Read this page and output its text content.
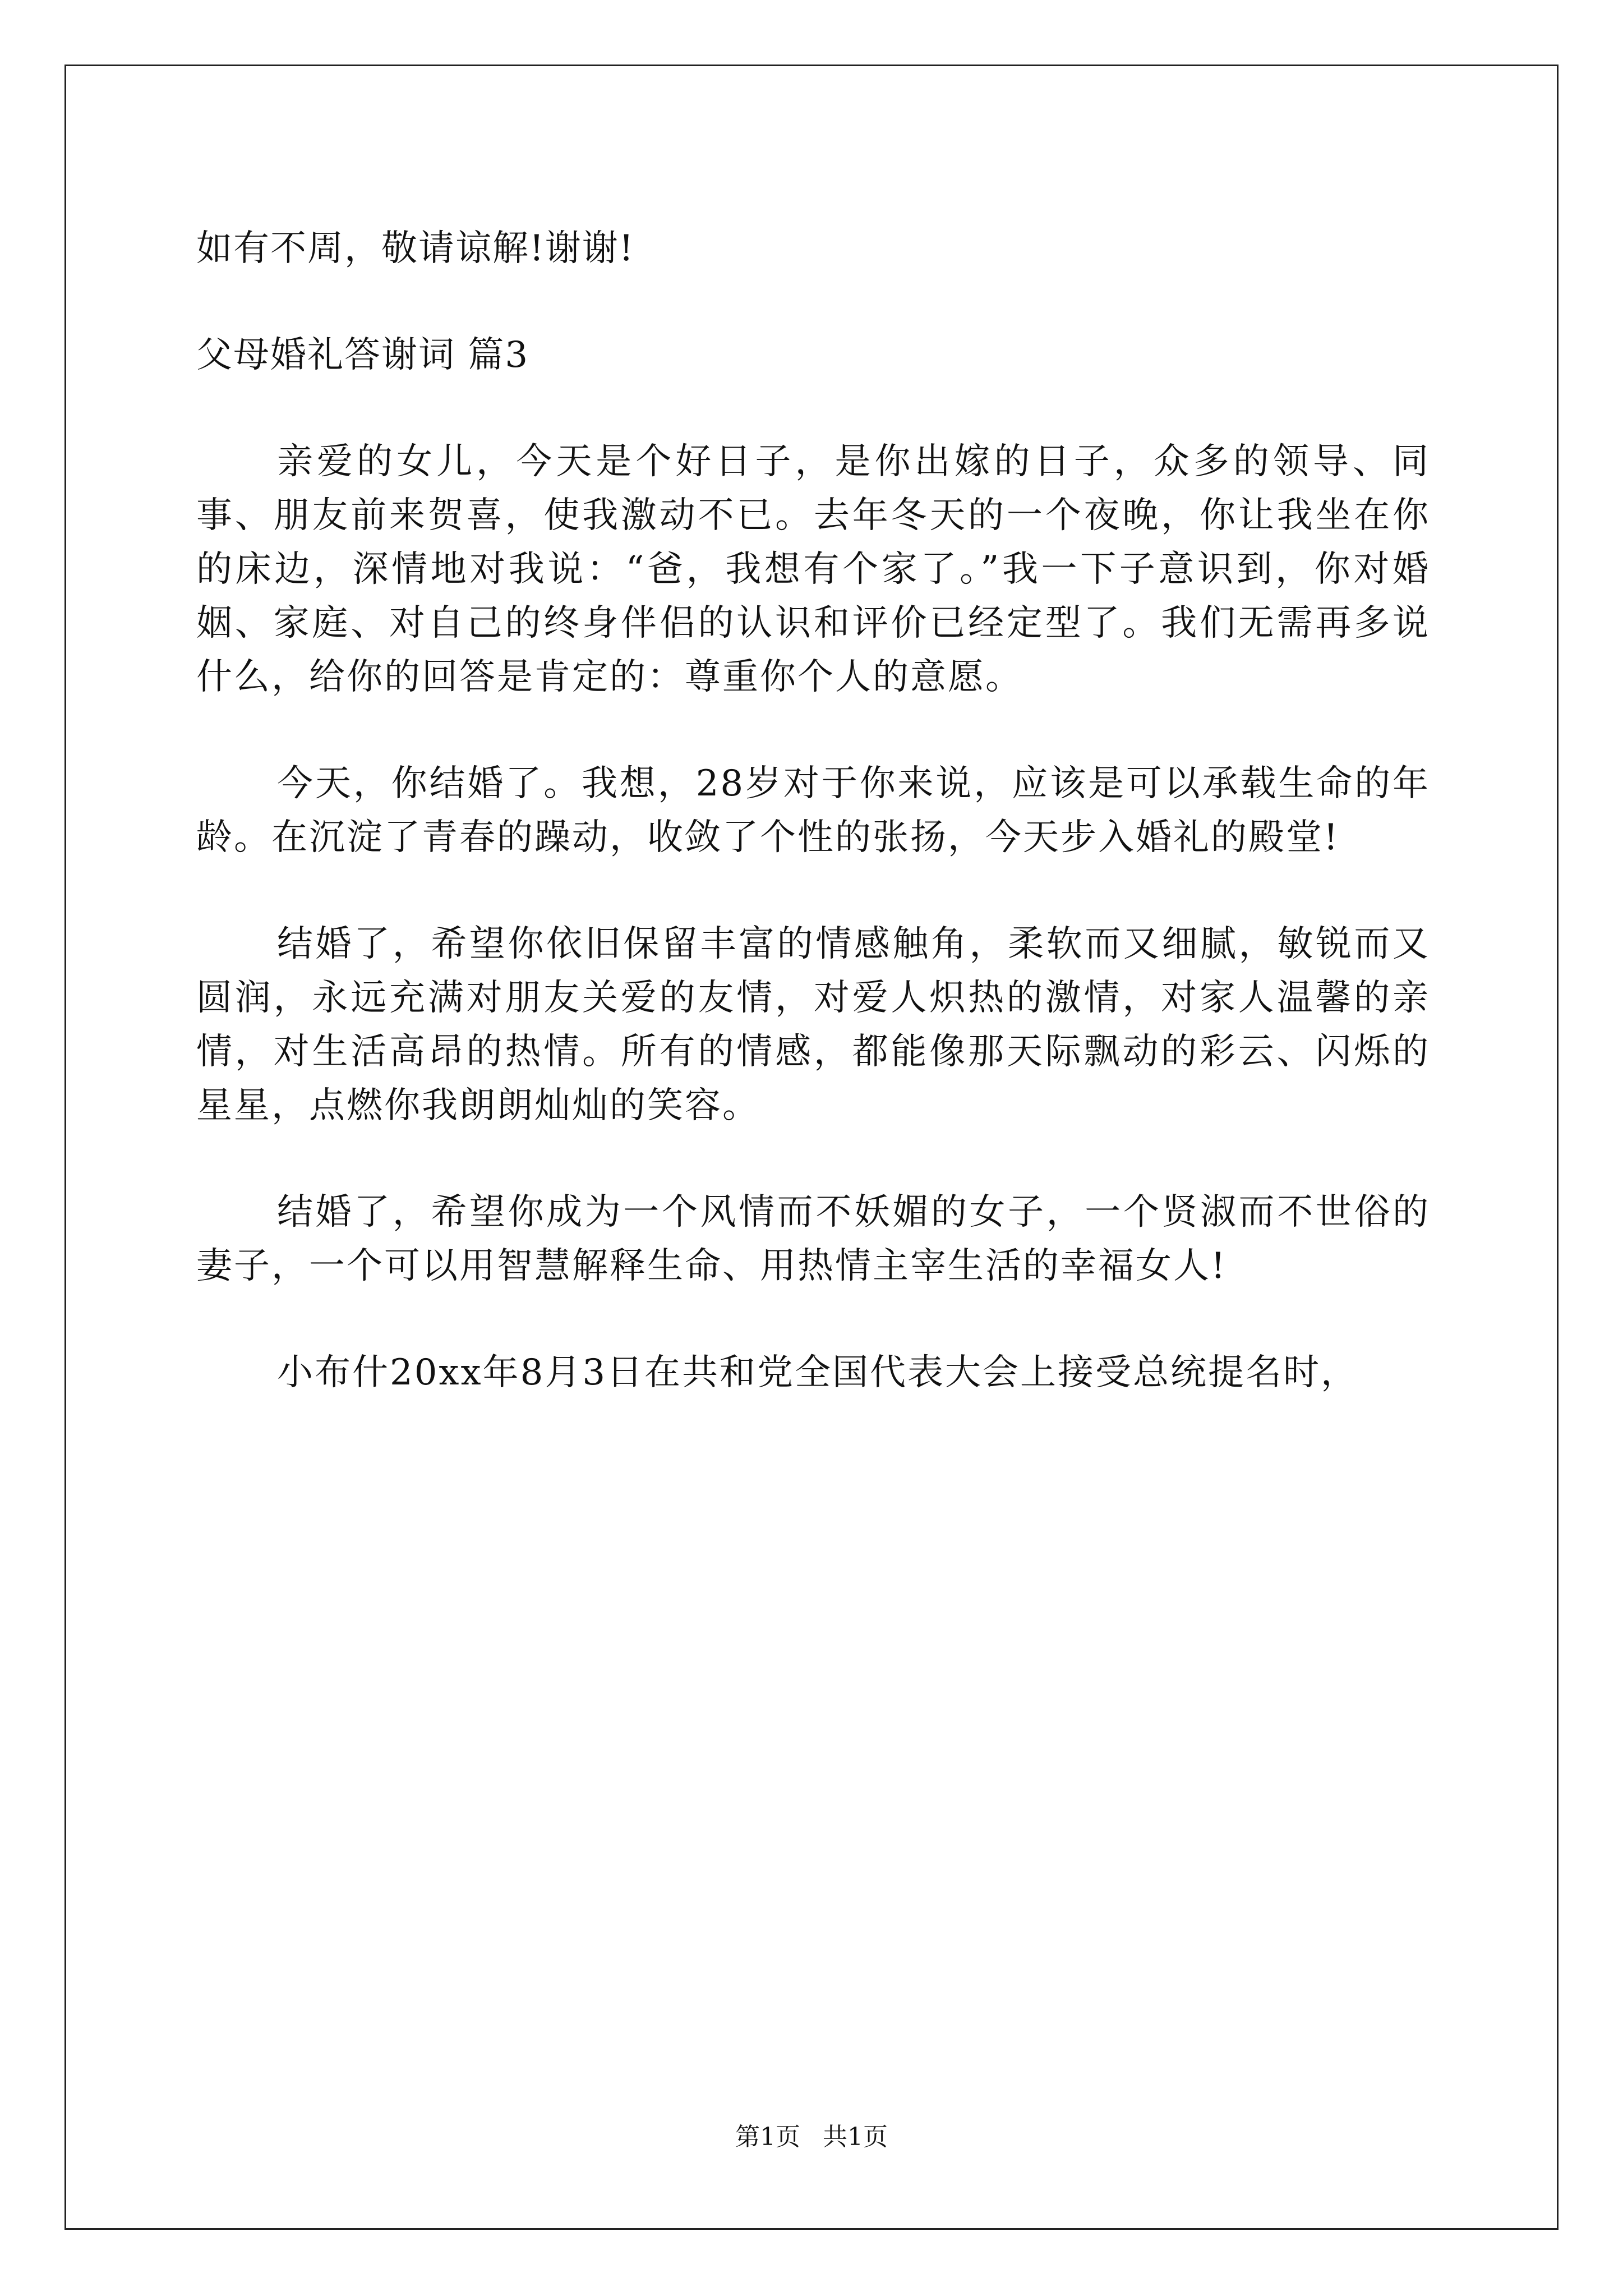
如有不周，敬请谅解!谢谢!
父母婚礼答谢词 篇3

亲爱的女儿，今天是个好日子，是你出嫁的日子，众多的领导、同事、朋友前来贺喜，使我激动不已。去年冬天的一个夜晚，你让我坐在你的床边，深情地对我说：“爸，我想有个家了。”我一下子意识到，你对婚姻、家庭、对自己的终身伴侣的认识和评价已经定型了。我们无需再多说什么，给你的回答是肯定的：尊重你个人的意愿。

今天，你结婚了。我想，28岁对于你来说，应该是可以承载生命的年龄。在沉淀了青春的躁动，收敛了个性的张扬，今天步入婚礼的殿堂!

结婚了，希望你依旧保留丰富的情感触角，柔软而又细腻，敏锐而又圆润，永远充满对朋友关爱的友情，对爱人炽热的激情，对家人温馨的亲情，对生活高昂的热情。所有的情感，都能像那天际飘动的彩云、闪烁的星星，点燃你我朗朗灿灿的笑容。

结婚了，希望你成为一个风情而不妖媚的女子，一个贤淑而不世俗的妻子，一个可以用智慧解释生命、用热情主宰生活的幸福女人!

小布什20xx年8月3日在共和党全国代表大会上接受总统提名时，

第1页 共1页
